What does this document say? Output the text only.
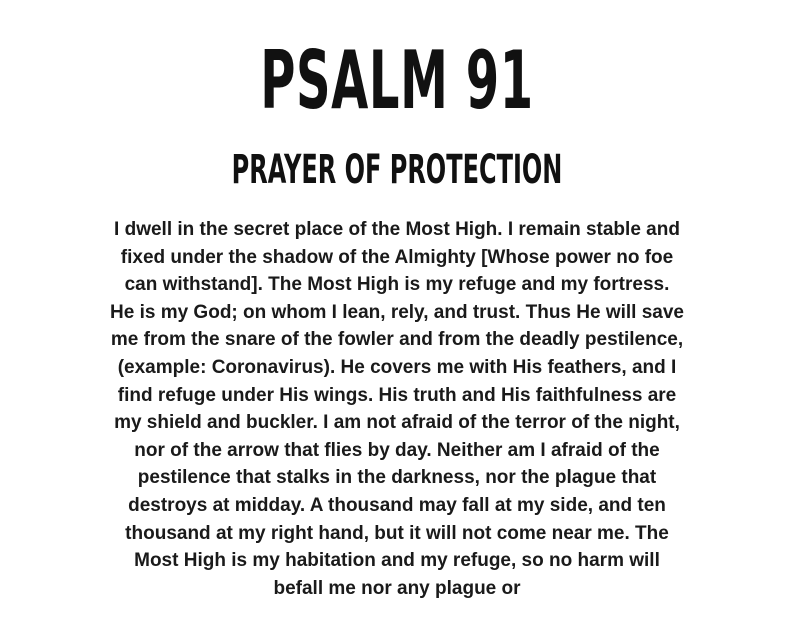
PSALM 91
PRAYER OF PROTECTION

I dwell in the secret place of the Most High. I remain stable and fixed under the shadow of the Almighty [Whose power no foe can withstand]. The Most High is my refuge and my fortress. He is my God; on whom I lean, rely, and trust. Thus He will save me from the snare of the fowler and from the deadly pestilence, (example: Coronavirus). He covers me with His feathers, and I find refuge under His wings. His truth and His faithfulness are my shield and buckler. I am not afraid of the terror of the night, nor of the arrow that flies by day. Neither am I afraid of the pestilence that stalks in the darkness, nor the plague that destroys at midday. A thousand may fall at my side, and ten thousand at my right hand, but it will not come near me. The Most High is my habitation and my refuge, so no harm will befall me nor any plague or
